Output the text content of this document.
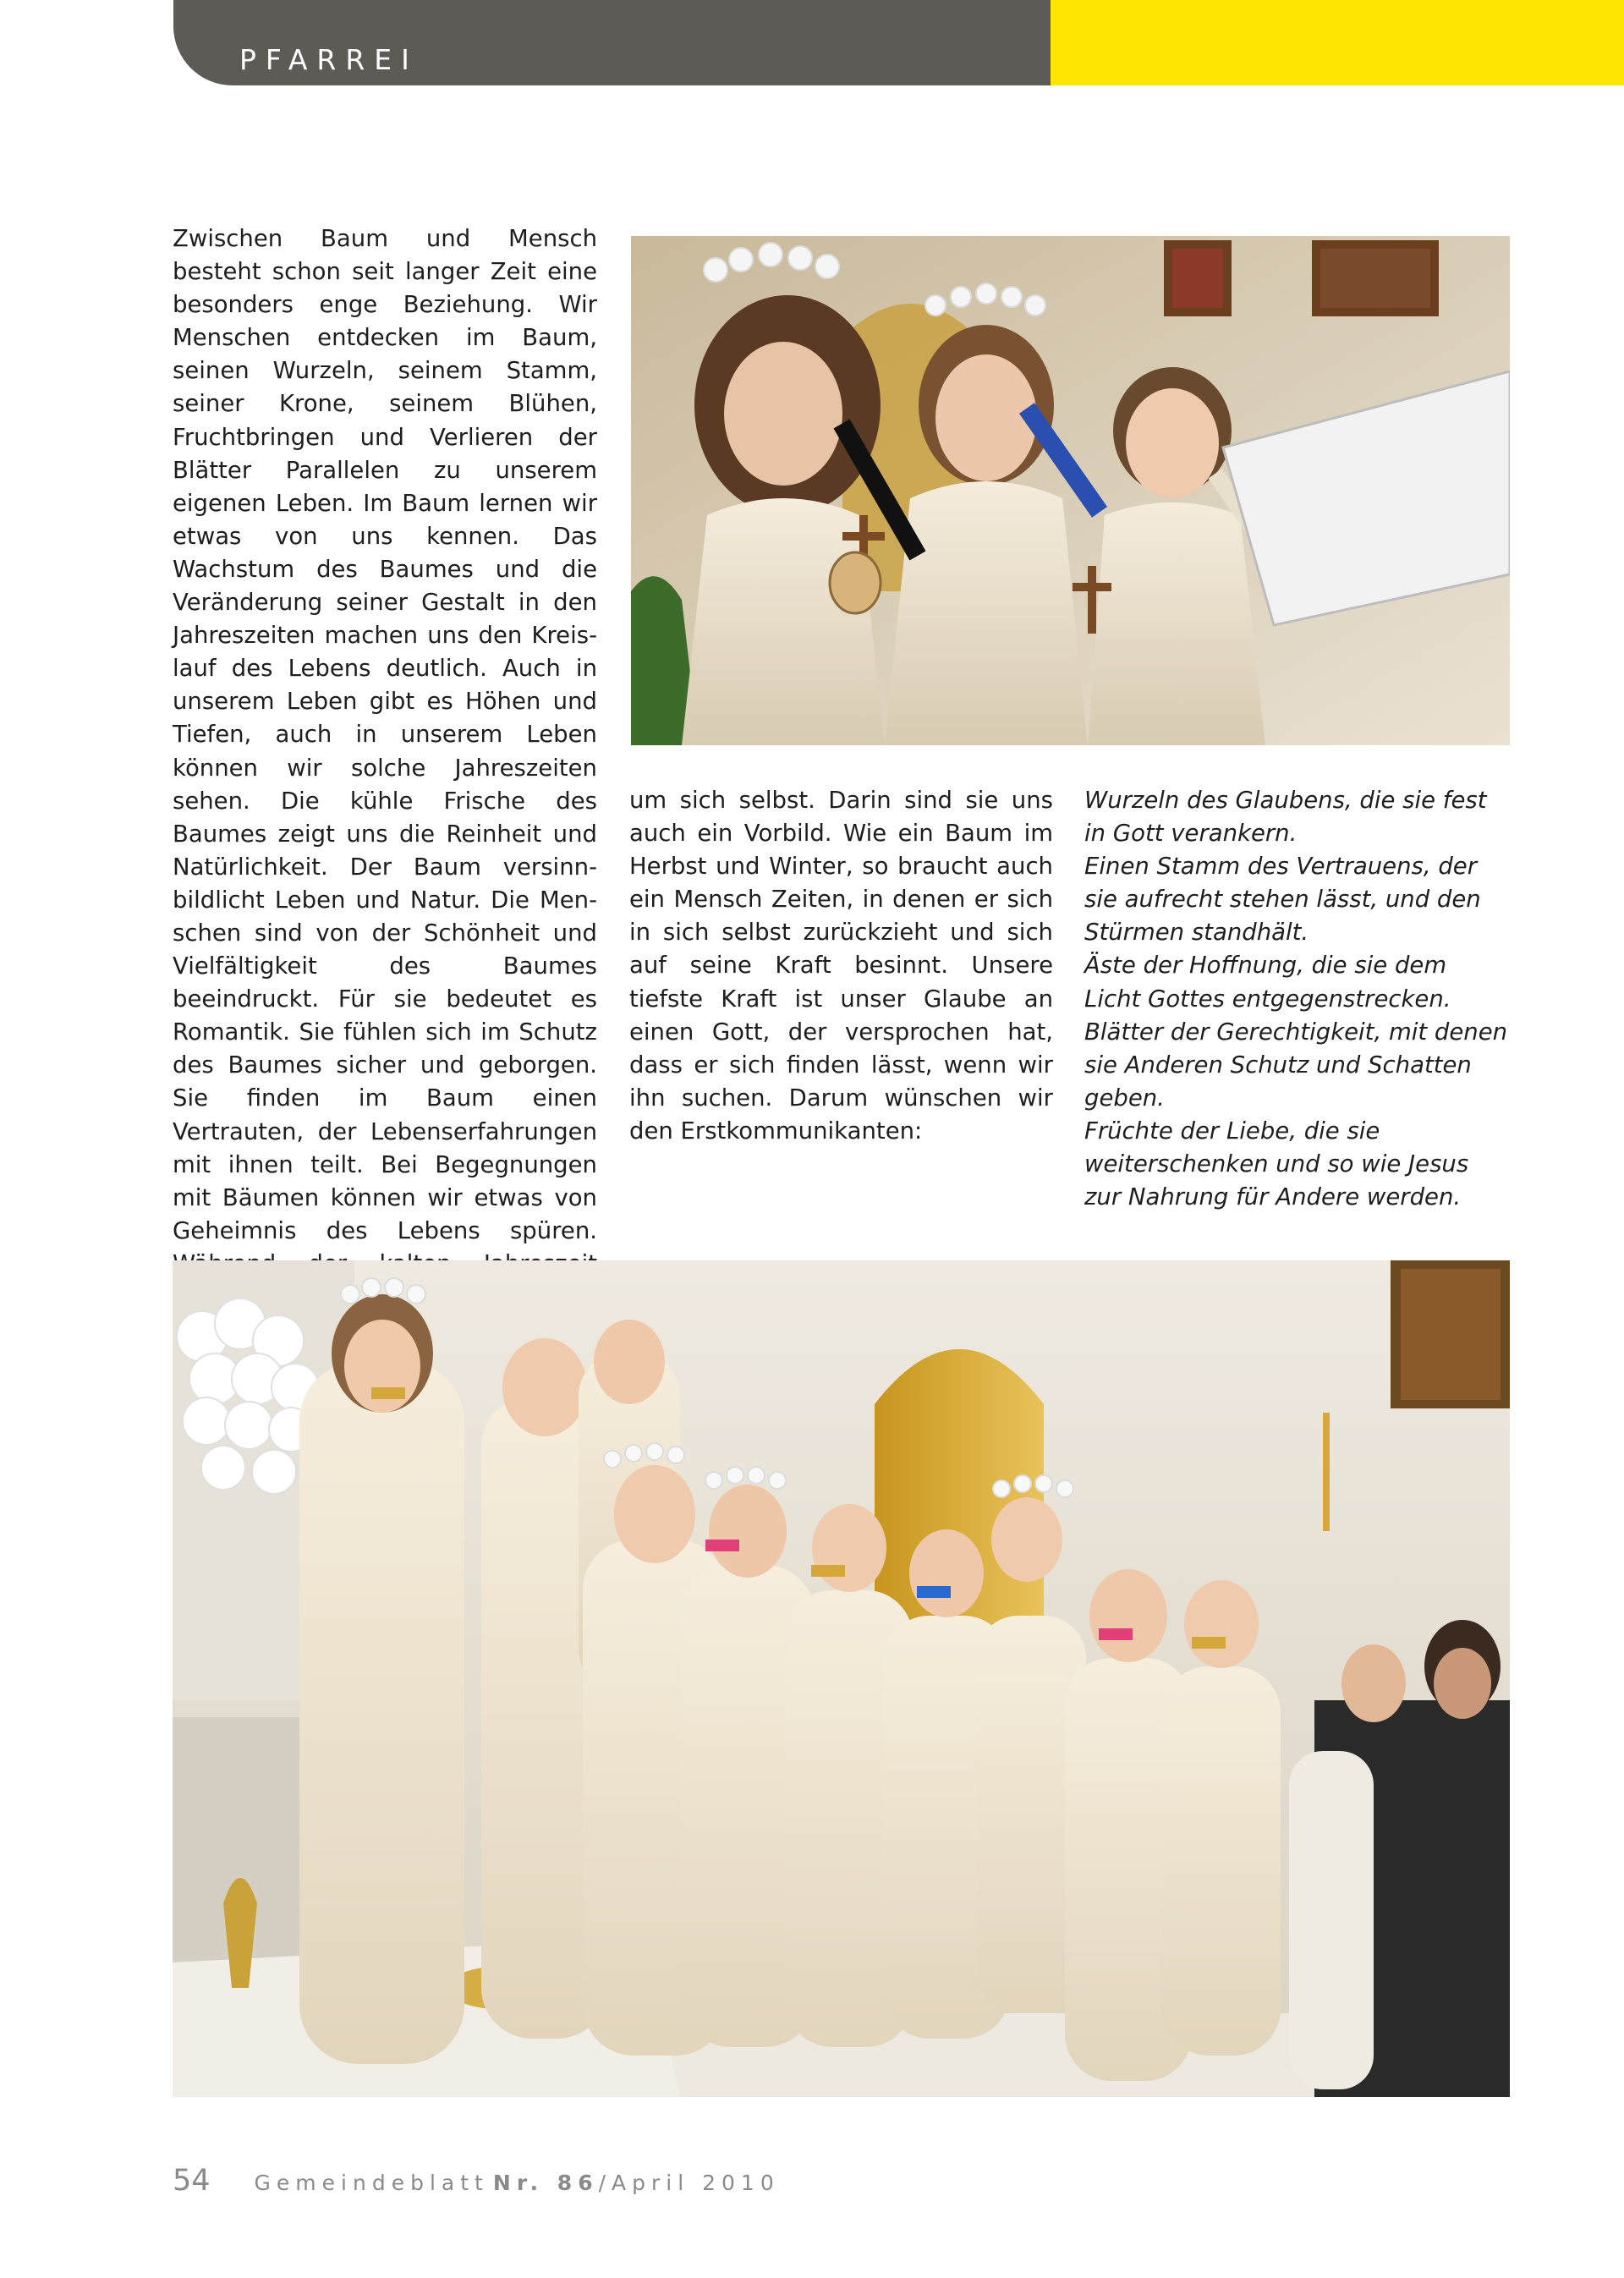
PFARREI

Zwischen Baum und Mensch besteht schon seit langer Zeit eine besonders enge Beziehung. Wir Menschen entdecken im Baum, seinen Wurzeln, seinem Stamm, seiner Krone, seinem Blühen, Fruchtbringen und Verlieren der Blätter Parallelen zu unserem eigenen Leben. Im Baum lernen wir etwas von uns kennen. Das Wachstum des Baumes und die Veränderung seiner Gestalt in den Jahreszeiten machen uns den Kreislauf des Lebens deutlich. Auch in unserem Leben gibt es Höhen und Tiefen, auch in unserem Leben können wir solche Jahreszeiten sehen. Die kühle Frische des Baumes zeigt uns die Reinheit und Natürlichkeit. Der Baum versinnbildlicht Leben und Natur. Die Menschen sind von der Schönheit und Vielfältigkeit des Baumes beeindruckt. Für sie bedeutet es Romantik. Sie fühlen sich im Schutz des Baumes sicher und geborgen. Sie finden im Baum einen Vertrauten, der Lebenserfahrungen mit ihnen teilt. Bei Begegnungen mit Bäumen können wir etwas von Geheimnis des Lebens spüren.

um sich selbst. Darin sind sie uns auch ein Vorbild. Wie ein Baum im Herbst und Winter, so braucht auch ein Mensch Zeiten, in denen er sich in sich selbst zurückzieht und sich auf seine Kraft besinnt. Unsere tiefste Kraft ist unser Glaube an einen Gott, der versprochen hat, dass er sich finden lässt, wenn wir ihn suchen. Darum wünschen wir den Erstkommunikanten:

Wurzeln des Glaubens, die sie fest in Gott verankern.

Einen Stamm des Vertrauens, der sie aufrecht stehen lässt, und den Stürmen standhält.

Äste der Hoffnung, die sie dem Licht Gottes entgegenstrecken.

Blätter der Gerechtigkeit, mit denen sie Anderen Schutz und Schatten geben.

Früchte der Liebe, die sie weiterschenken und so wie Jesus zur Nahrung für Andere werden.

54 Gemeindeblatt Nr. 86/April 2010
